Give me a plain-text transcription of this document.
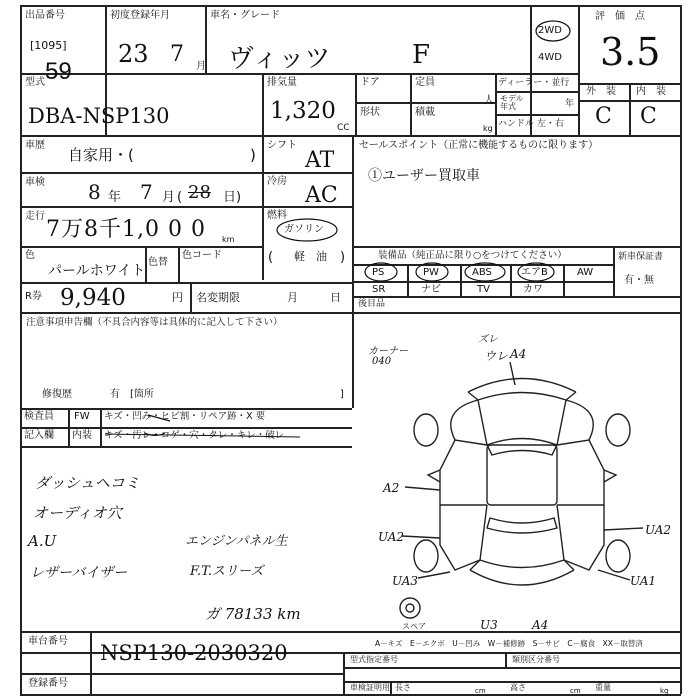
出品番号
[1095]
59
初度登録年月
23 7 月
車名・グレード
ヴィッツ	F
2WD
4WD
評　価　点
3.5
型式
DBA-NSP130
排気量
1,320
CC
ドア	定員
人
形状	積載
kg
ディーラー・並行
モデル
年式	年
ハンドル 左・右
外　装 内　装
C C
車歴
自家用・(	)
車検 8 年 7 月 ( 28 日)
走行
7万8千1,0 0 0 km
色
パールホワイト
色替
色コード
R券 9,940	円 名変期限	月	日
シフト
AT
冷房
AC
燃料
ガソリン
( 軽　油 )
セールスポイント（正常に機能するものに限ります）
①ユーザー買取車
装備品（純正品に限り○をつけてください）
PS	PW	ABS	エアB	AW
SR	ナビ	TV	カワ
新車保証書
有・無
後目品
注意事項申告欄（不具合内容等は具体的に記入して下さい）
修復歴	有　[箇所	]
検査員
記入欄
FW キズ・凹み・ヒビ割・リペア跡・X 要
内装 キズ・汚レ・コゲ・穴・タレ・キレ・破レ
ダッシュヘコミ
オーディオ穴
A.U
レザーバイザー
エンジンパネル生
F.T.スリーズ
ガ 78133 km
カーナー
040
ズレ
ウレ A4
A2
UA2	UA2
UA3	UA1
U3	A4
スペア
A－キズ　E－エクボ　U－凹み　W－補修跡　S－サビ　C－腐食　XX－取替済
車台番号 NSP130-2030320
登録番号
型式指定番号	類別区分番号
車検証明用 長さ	cm	高さ	cm 重量	kg
